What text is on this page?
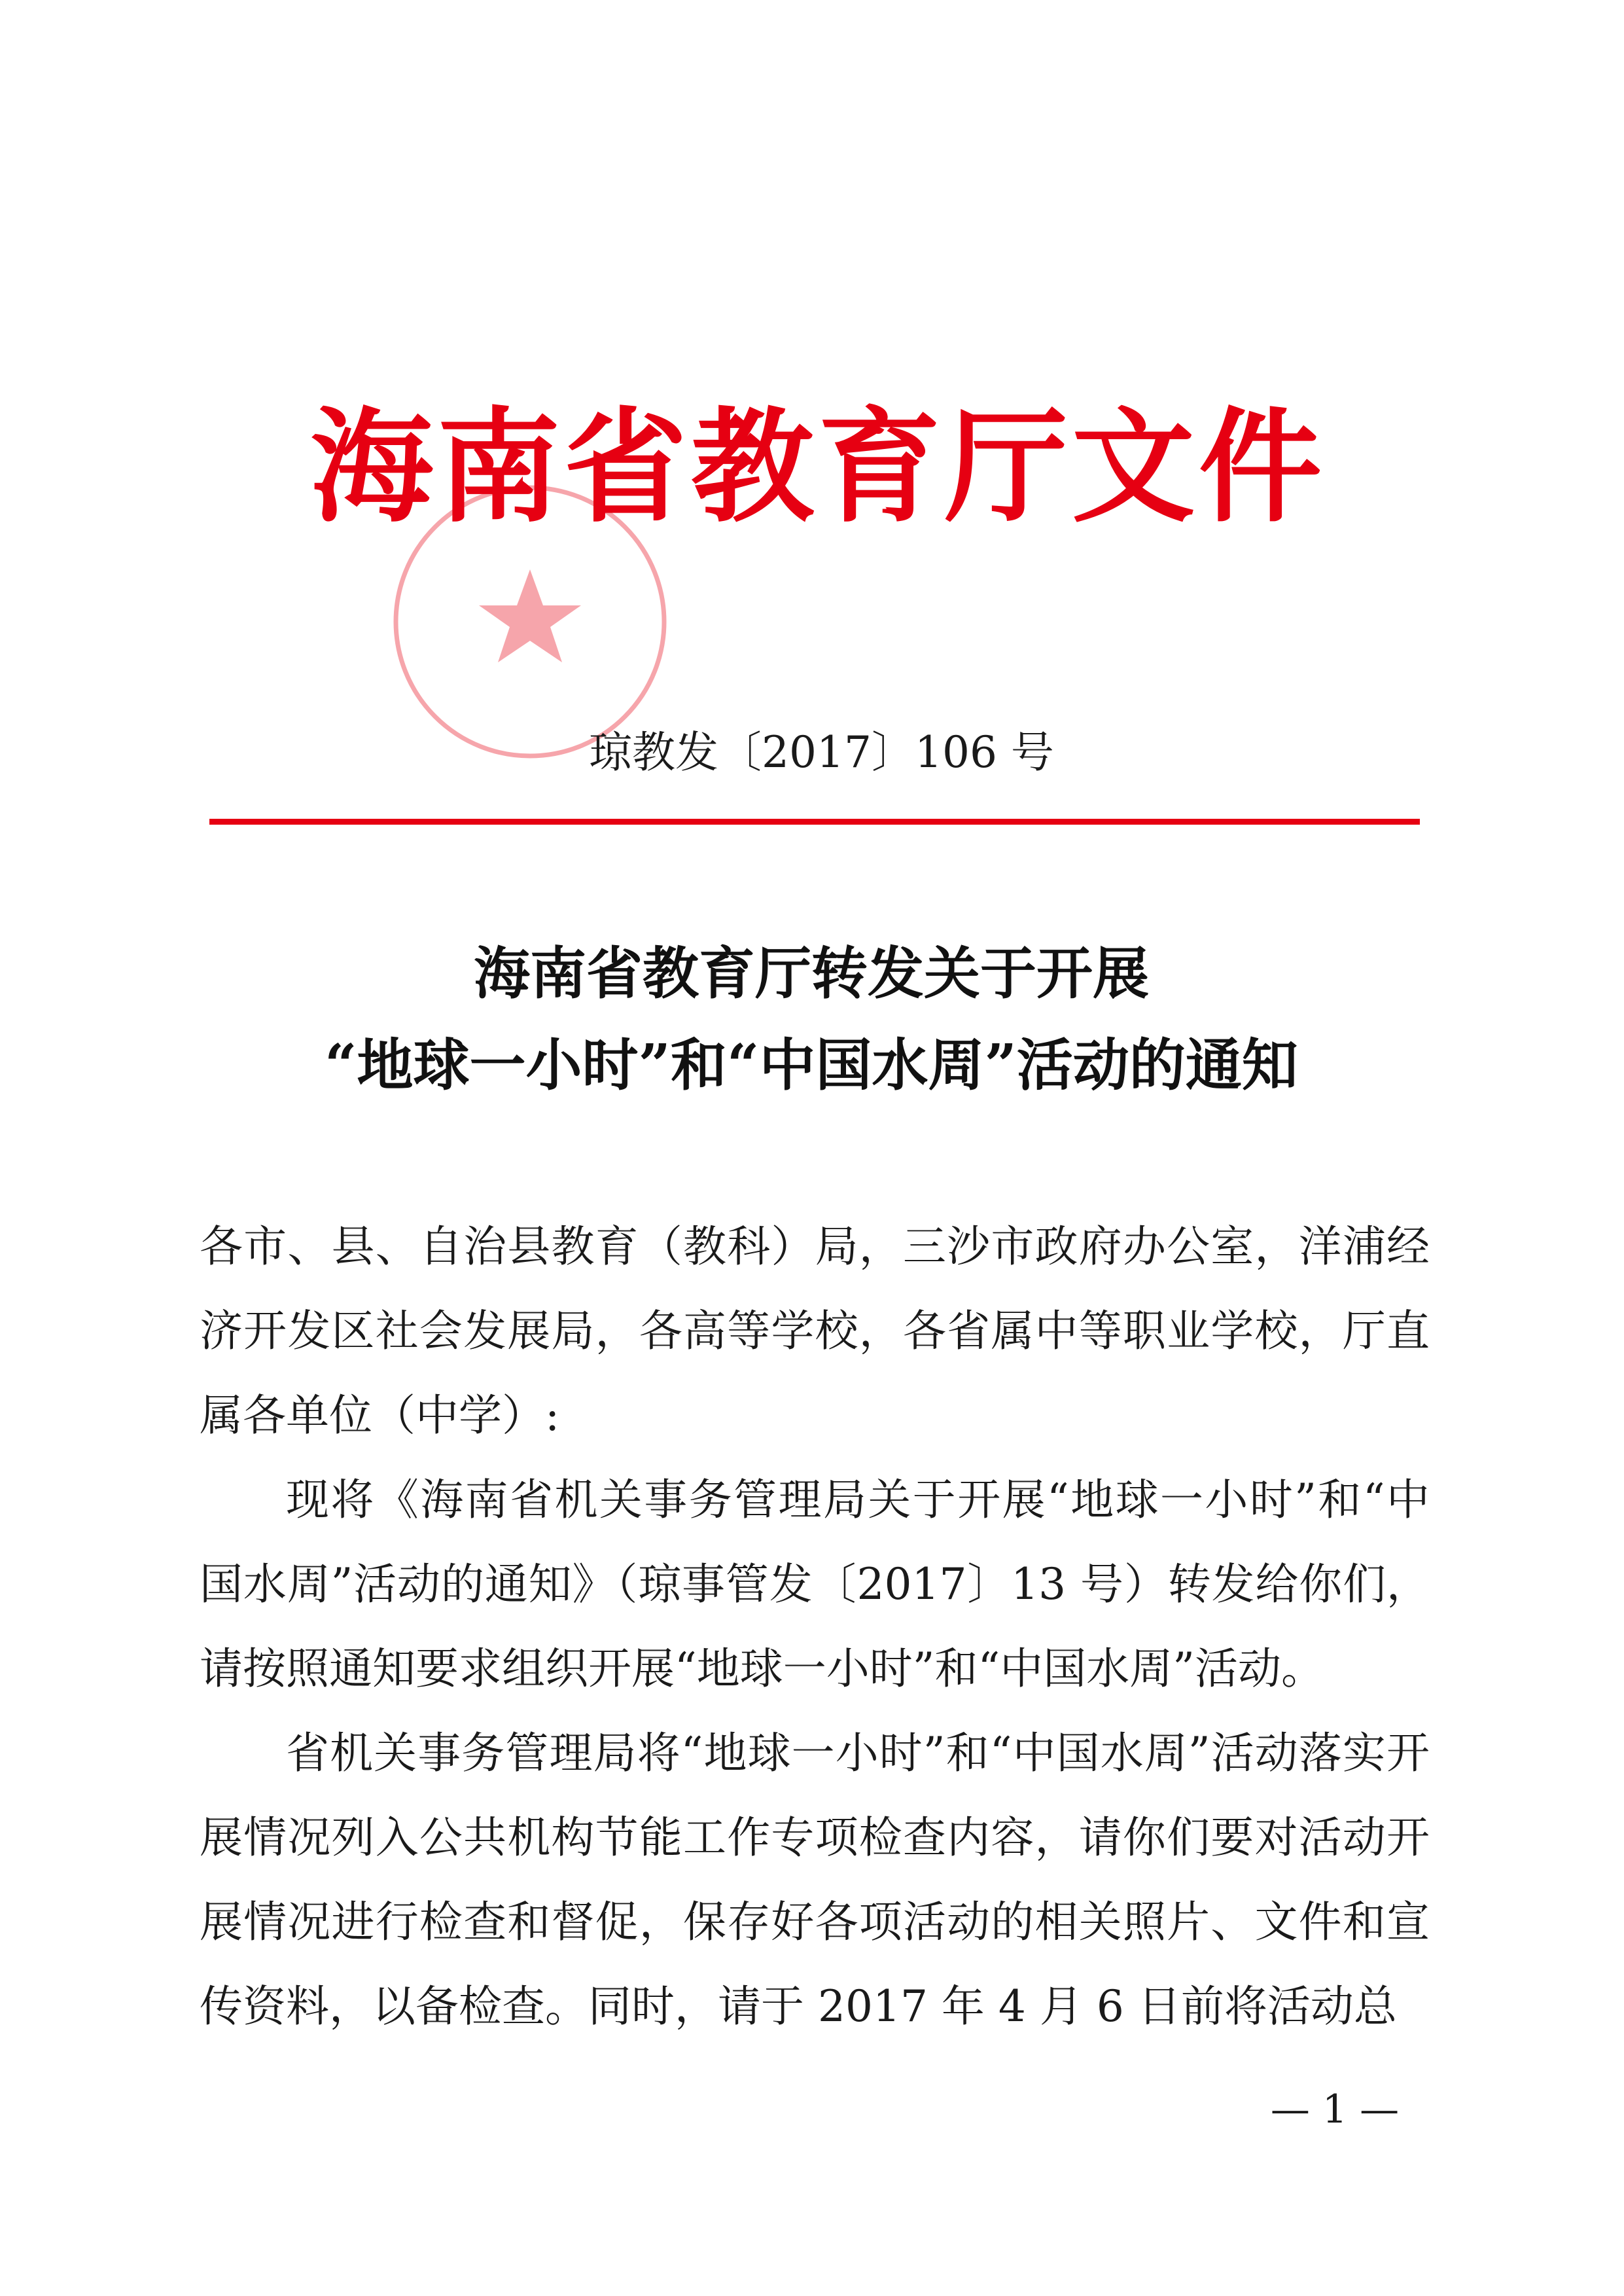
海南省教育厅文件
琼教发〔2017〕106 号
海南省教育厅转发关于开展
“地球一小时”和“中国水周”活动的通知

各市、县、自治县教育（教科）局，三沙市政府办公室，洋浦经济开发区社会发展局，各高等学校，各省属中等职业学校，厅直属各单位（中学）:

现将《海南省机关事务管理局关于开展“地球一小时”和“中国水周”活动的通知》（琼事管发〔2017〕13 号）转发给你们，请按照通知要求组织开展“地球一小时”和“中国水周”活动。

省机关事务管理局将“地球一小时”和“中国水周”活动落实开展情况列入公共机构节能工作专项检查内容，请你们要对活动开展情况进行检查和督促，保存好各项活动的相关照片、文件和宣传资料，以备检查。同时，请于 2017 年 4 月 6 日前将活动总

— 1 —
